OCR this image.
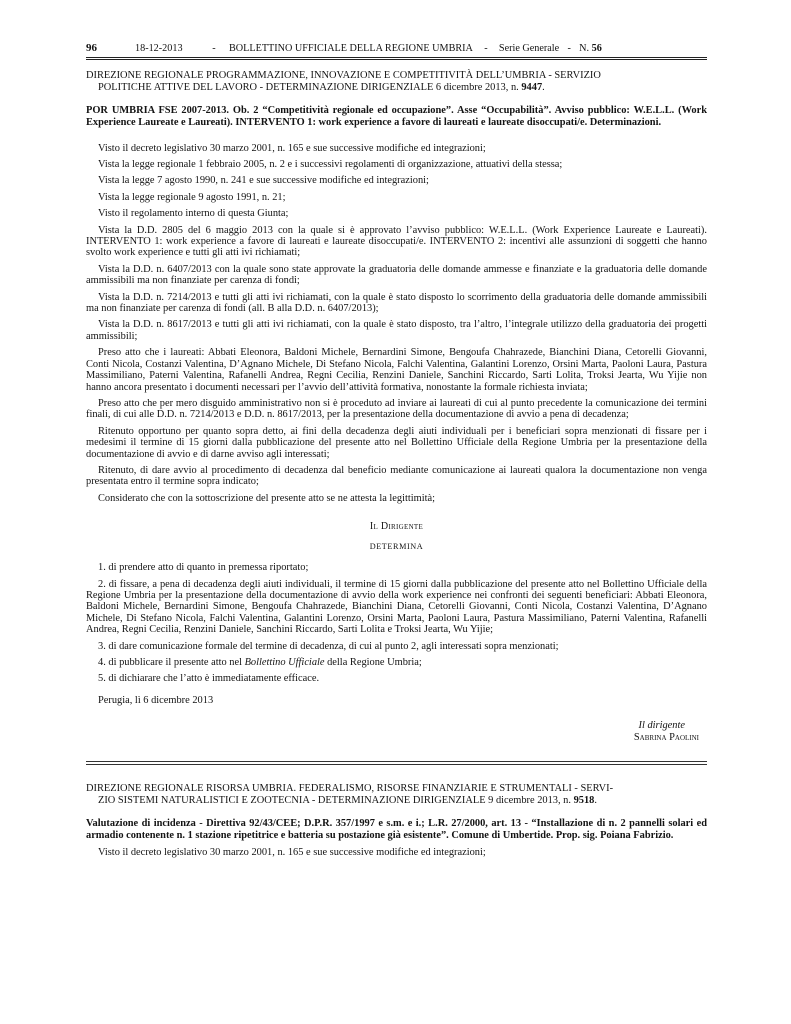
96	18-12-2013	-	BOLLETTINO UFFICIALE DELLA REGIONE UMBRIA	-	Serie Generale - N. 56
DIREZIONE REGIONALE PROGRAMMAZIONE, INNOVAZIONE E COMPETITIVITÀ DELL’UMBRIA - SERVIZIO
POLITICHE ATTIVE DEL LAVORO - DETERMINAZIONE DIRIGENZIALE 6 dicembre 2013, n. 9447.
POR UMBRIA FSE 2007-2013. Ob. 2 “Competitività regionale ed occupazione”. Asse “Occupabilità”. Avviso pubblico: W.E.L.L. (Work Experience Laureate e Laureati). INTERVENTO 1: work experience a favore di laureati e laureate disoccupati/e. Determinazioni.

Visto il decreto legislativo 30 marzo 2001, n. 165 e sue successive modifiche ed integrazioni;

Vista la legge regionale 1 febbraio 2005, n. 2 e i successivi regolamenti di organizzazione, attuativi della stessa;

Vista la legge 7 agosto 1990, n. 241 e sue successive modifiche ed integrazioni;

Vista la legge regionale 9 agosto 1991, n. 21;

Visto il regolamento interno di questa Giunta;

Vista la D.D. 2805 del 6 maggio 2013 con la quale si è approvato l’avviso pubblico: W.E.L.L. (Work Experience Laureate e Laureati). INTERVENTO 1: work experience a favore di laureati e laureate disoccupati/e. INTERVENTO 2: incentivi alle assunzioni di soggetti che hanno svolto work experience e tutti gli atti ivi richiamati;

Vista la D.D. n. 6407/2013 con la quale sono state approvate la graduatoria delle domande ammesse e finanziate e la graduatoria delle domande ammissibili ma non finanziate per carenza di fondi;

Vista la D.D. n. 7214/2013 e tutti gli atti ivi richiamati, con la quale è stato disposto lo scorrimento della graduatoria delle domande ammissibili ma non finanziate per carenza di fondi (all. B alla D.D. n. 6407/2013);

Vista la D.D. n. 8617/2013 e tutti gli atti ivi richiamati, con la quale è stato disposto, tra l’altro, l’integrale utilizzo della graduatoria dei progetti ammissibili;

Preso atto che i laureati: Abbati Eleonora, Baldoni Michele, Bernardini Simone, Bengoufa Chahrazede, Bianchini Diana, Cetorelli Giovanni, Conti Nicola, Costanzi Valentina, D’Agnano Michele, Di Stefano Nicola, Falchi Valentina, Galantini Lorenzo, Orsini Marta, Paoloni Laura, Pastura Massimiliano, Paterni Valentina, Rafanelli Andrea, Regni Cecilia, Renzini Daniele, Sanchini Riccardo, Sarti Lolita, Troksi Jearta, Wu Yijie non hanno ancora presentato i documenti necessari per l’avvio dell’attività formativa, nonostante la formale richiesta inviata;

Preso atto che per mero disguido amministrativo non si è proceduto ad inviare ai laureati di cui al punto precedente la comunicazione dei termini finali, di cui alle D.D. n. 7214/2013 e D.D. n. 8617/2013, per la presentazione della documentazione di avvio a pena di decadenza;

Ritenuto opportuno per quanto sopra detto, ai fini della decadenza degli aiuti individuali per i beneficiari sopra menzionati di fissare per i medesimi il termine di 15 giorni dalla pubblicazione del presente atto nel Bollettino Ufficiale della Regione Umbria per la presentazione della documentazione di avvio e di darne avviso agli interessati;

Ritenuto, di dare avvio al procedimento di decadenza dal beneficio mediante comunicazione ai laureati qualora la documentazione non venga presentata entro il termine sopra indicato;

Considerato che con la sottoscrizione del presente atto se ne attesta la legittimità;

Il Dirigente
DETERMINA

1. di prendere atto di quanto in premessa riportato;

2. di fissare, a pena di decadenza degli aiuti individuali, il termine di 15 giorni dalla pubblicazione del presente atto nel Bollettino Ufficiale della Regione Umbria per la presentazione della documentazione di avvio della work experience nei confronti dei seguenti beneficiari: Abbati Eleonora, Baldoni Michele, Bernardini Simone, Bengoufa Chahrazede, Bianchini Diana, Cetorelli Giovanni, Conti Nicola, Costanzi Valentina, D’Agnano Michele, Di Stefano Nicola, Falchi Valentina, Galantini Lorenzo, Orsini Marta, Paoloni Laura, Pastura Massimiliano, Paterni Valentina, Rafanelli Andrea, Regni Cecilia, Renzini Daniele, Sanchini Riccardo, Sarti Lolita e Troksi Jearta, Wu Yijie;

3. di dare comunicazione formale del termine di decadenza, di cui al punto 2, agli interessati sopra menzionati;

4. di pubblicare il presente atto nel Bollettino Ufficiale della Regione Umbria;

5. di dichiarare che l’atto è immediatamente efficace.

Perugia, lì 6 dicembre 2013
Il dirigente
Sabrina Paolini
DIREZIONE REGIONALE RISORSA UMBRIA. FEDERALISMO, RISORSE FINANZIARIE E STRUMENTALI - SERVI-
ZIO SISTEMI NATURALISTICI E ZOOTECNIA - DETERMINAZIONE DIRIGENZIALE 9 dicembre 2013, n. 9518.
Valutazione di incidenza - Direttiva 92/43/CEE; D.P.R. 357/1997 e s.m. e i.; L.R. 27/2000, art. 13 - “Installazione di n. 2 pannelli solari ed armadio contenente n. 1 stazione ripetitrice e batteria su postazione già esistente”. Comune di Umbertide. Prop. sig. Poiana Fabrizio.

Visto il decreto legislativo 30 marzo 2001, n. 165 e sue successive modifiche ed integrazioni;
